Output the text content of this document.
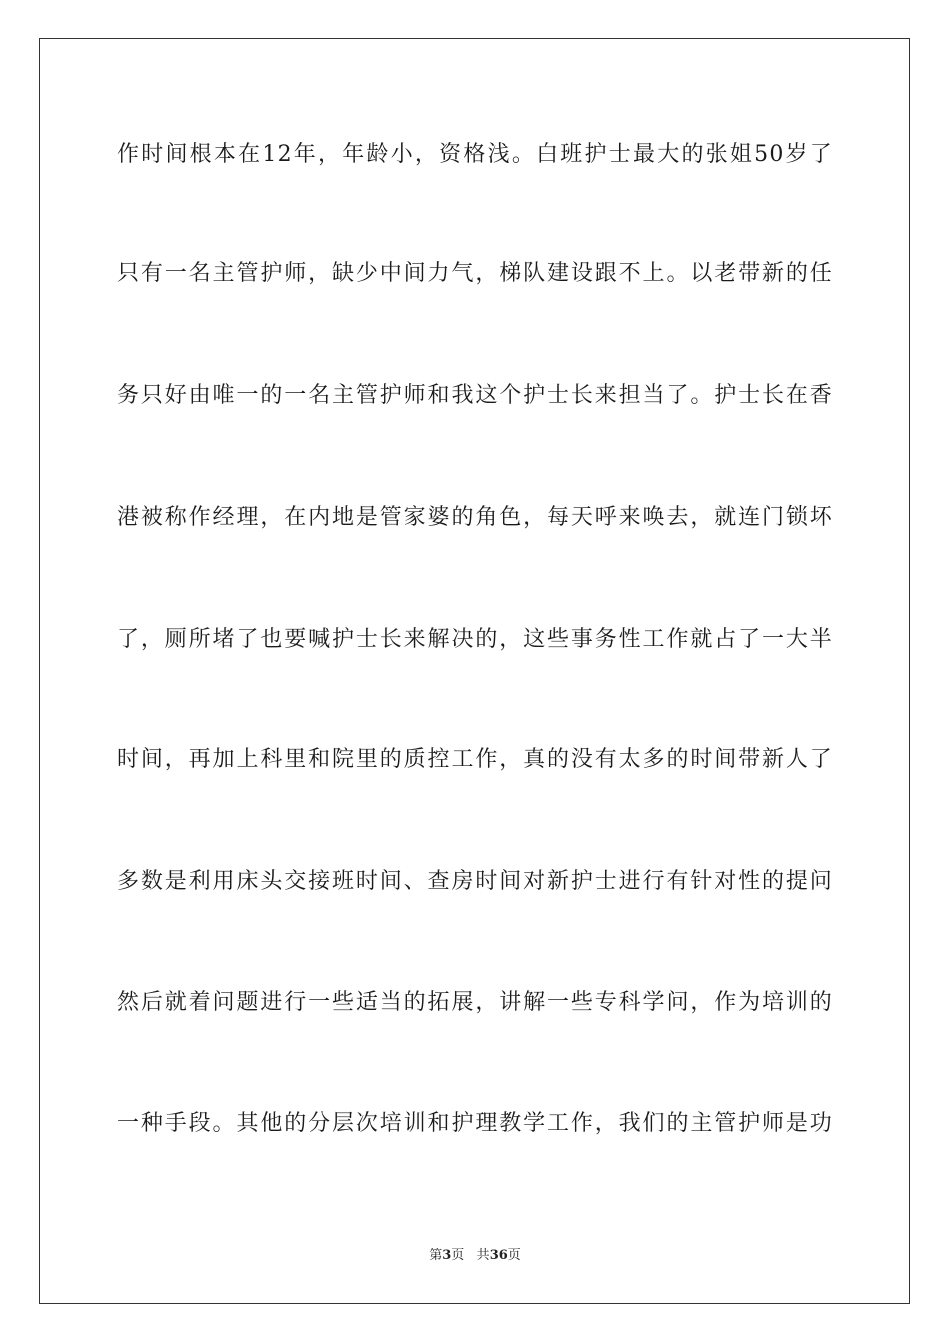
作时间根本在12年，年龄小，资格浅。白班护士最大的张姐50岁了
只有一名主管护师，缺少中间力气，梯队建设跟不上。以老带新的任
务只好由唯一的一名主管护师和我这个护士长来担当了。护士长在香
港被称作经理，在内地是管家婆的角色，每天呼来唤去，就连门锁坏
了，厕所堵了也要喊护士长来解决的，这些事务性工作就占了一大半
时间，再加上科里和院里的质控工作，真的没有太多的时间带新人了
多数是利用床头交接班时间、查房时间对新护士进行有针对性的提问
然后就着问题进行一些适当的拓展，讲解一些专科学问，作为培训的
一种手段。其他的分层次培训和护理教学工作，我们的主管护师是功
第3页 共36页
